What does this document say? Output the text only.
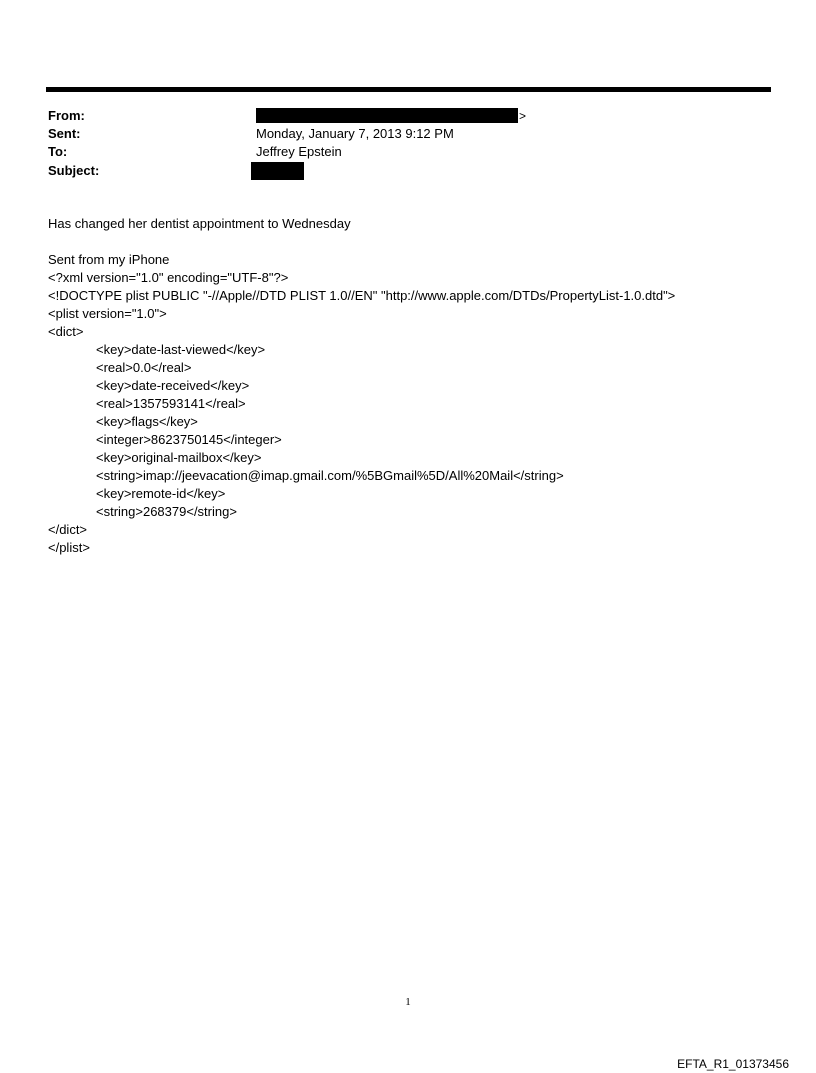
From:	>
Sent:	Monday, January 7, 2013 9:12 PM
To:	Jeffrey Epstein
Subject:
Has changed her dentist appointment to Wednesday
Sent from my iPhone
<?xml version="1.0" encoding="UTF-8"?>
<!DOCTYPE plist PUBLIC "-//Apple//DTD PLIST 1.0//EN" "http://www.apple.com/DTDs/PropertyList-1.0.dtd">
<plist version="1.0">
<dict>
<key>date-last-viewed</key>
<real>0.0</real>
<key>date-received</key>
<real>1357593141</real>
<key>flags</key>
<integer>8623750145</integer>
<key>original-mailbox</key>
<string>imap://jeevacation@imap.gmail.com/%5BGmail%5D/All%20Mail</string>
<key>remote-id</key>
<string>268379</string>
</dict>
</plist>
1
EFTA_R1_01373456
